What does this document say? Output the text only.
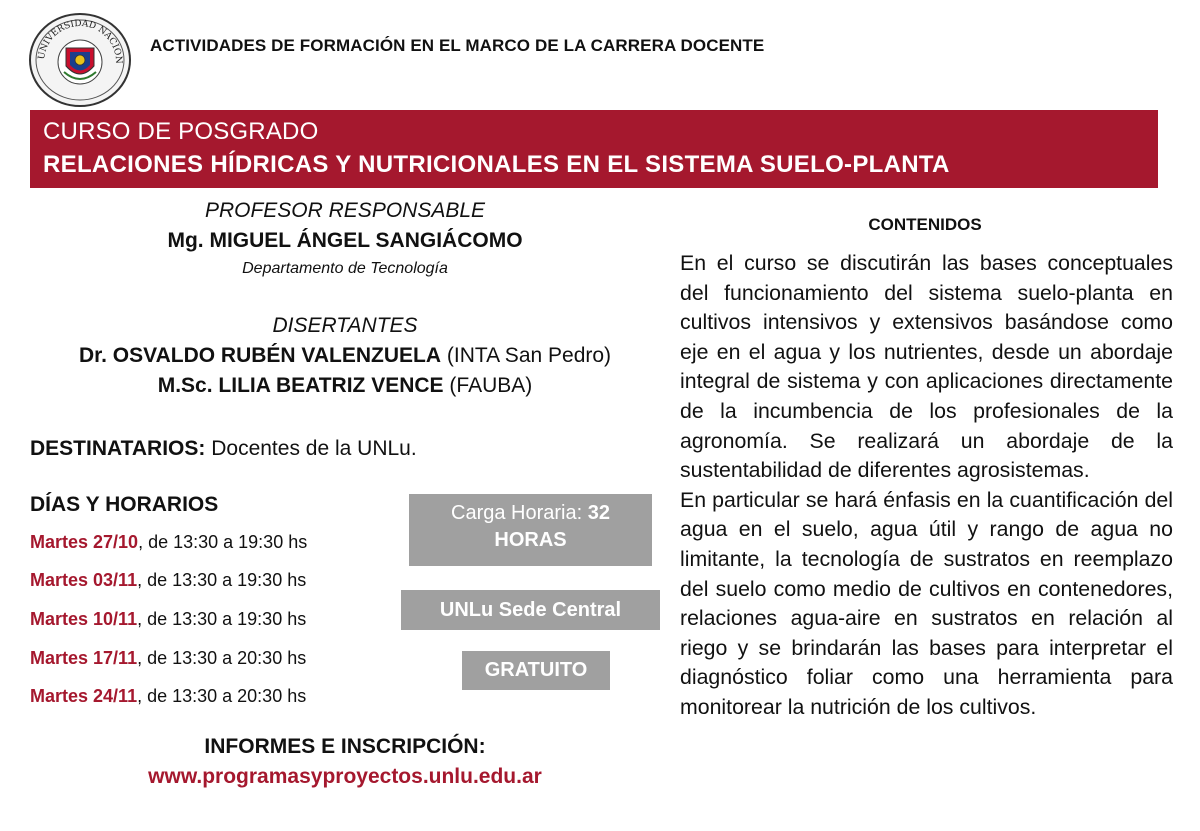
UNIVERSIDAD NACION
ACTIVIDADES DE FORMACIÓN EN EL MARCO DE LA CARRERA DOCENTE
CURSO DE POSGRADO
RELACIONES HÍDRICAS Y NUTRICIONALES EN EL SISTEMA SUELO-PLANTA
PROFESOR RESPONSABLE
Mg. MIGUEL ÁNGEL SANGIÁCOMO
Departamento de Tecnología
DISERTANTES
Dr. OSVALDO RUBÉN VALENZUELA (INTA San Pedro)
M.Sc. LILIA BEATRIZ VENCE (FAUBA)
DESTINATARIOS: Docentes de la UNLu.
DÍAS Y HORARIOS
Martes 27/10, de 13:30 a 19:30 hs
Martes 03/11, de 13:30 a 19:30 hs
Martes 10/11, de 13:30 a 19:30 hs
Martes 17/11, de 13:30 a 20:30 hs
Martes 24/11, de 13:30 a 20:30 hs
Carga Horaria: 32
HORAS
UNLu Sede Central
GRATUITO
INFORMES E INSCRIPCIÓN:
www.programasyproyectos.unlu.edu.ar
CONTENIDOS

En el curso se discutirán las bases conceptuales del funcionamiento del sistema suelo-planta en cultivos intensivos y extensivos basándose como eje en el agua y los nutrientes, desde un abordaje integral de sistema y con aplicaciones directamente de la incumbencia de los profesionales de la agronomía. Se realizará un abordaje de la sustentabilidad de diferentes agrosistemas.

En particular se hará énfasis en la cuantificación del agua en el suelo, agua útil y rango de agua no limitante, la tecnología de sustratos en reemplazo del suelo como medio de cultivos en contenedores, relaciones agua-aire en sustratos en relación al riego y se brindarán las bases para interpretar el diagnóstico foliar como una herramienta para monitorear la nutrición de los cultivos.
